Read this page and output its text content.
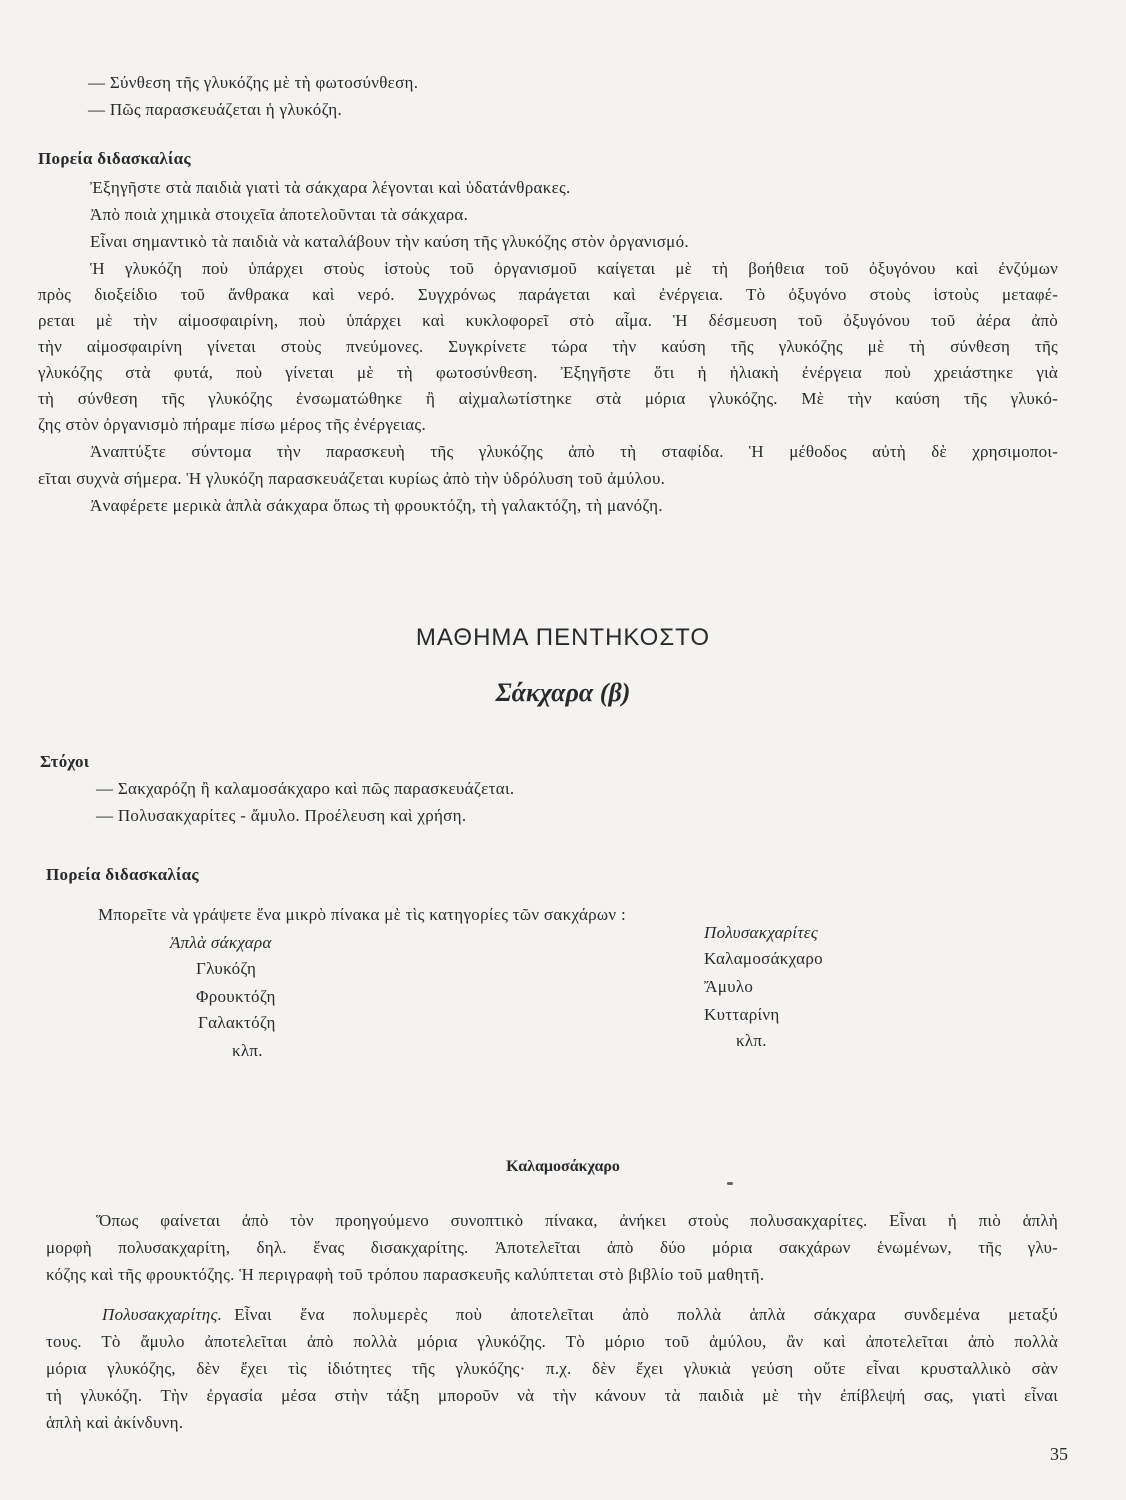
— Σύνθεση τῆς γλυκόζης μὲ τὴ φωτοσύνθεση.
— Πῶς παρασκευάζεται ἡ γλυκόζη.
Πορεία διδασκαλίας
Ἐξηγῆστε στὰ παιδιὰ γιατὶ τὰ σάκχαρα λέγονται καὶ ὑδατάνθρακες.
Ἀπὸ ποιὰ χημικὰ στοιχεῖα ἀποτελοῦνται τὰ σάκχαρα.
Εἶναι σημαντικὸ τὰ παιδιὰ νὰ καταλάβουν τὴν καύση τῆς γλυκόζης στὸν ὀργανισμό.
Ἡ γλυκόζη ποὺ ὑπάρχει στοὺς ἱστοὺς τοῦ ὀργανισμοῦ καίγεται μὲ τὴ βοήθεια τοῦ ὀξυγόνου καὶ ἐνζύμων
πρὸς διοξείδιο τοῦ ἄνθρακα καὶ νερό. Συγχρόνως παράγεται καὶ ἐνέργεια. Τὸ ὀξυγόνο στοὺς ἱστοὺς μεταφέ-
ρεται μὲ τὴν αἱμοσφαιρίνη, ποὺ ὑπάρχει καὶ κυκλοφορεῖ στὸ αἷμα. Ἡ δέσμευση τοῦ ὀξυγόνου τοῦ ἀέρα ἀπὸ
τὴν αἱμοσφαιρίνη γίνεται στοὺς πνεύμονες. Συγκρίνετε τώρα τὴν καύση τῆς γλυκόζης μὲ τὴ σύνθεση τῆς
γλυκόζης στὰ φυτά, ποὺ γίνεται μὲ τὴ φωτοσύνθεση. Ἐξηγῆστε ὅτι ἡ ἡλιακὴ ἐνέργεια ποὺ χρειάστηκε γιὰ
τὴ σύνθεση τῆς γλυκόζης ἐνσωματώθηκε ἢ αἰχμαλωτίστηκε στὰ μόρια γλυκόζης. Μὲ τὴν καύση τῆς γλυκό-
ζης στὸν ὀργανισμὸ πήραμε πίσω μέρος τῆς ἐνέργειας.
Ἀναπτύξτε σύντομα τὴν παρασκευὴ τῆς γλυκόζης ἀπὸ τὴ σταφίδα. Ἡ μέθοδος αὐτὴ δὲ χρησιμοποι-
εῖται συχνὰ σήμερα. Ἡ γλυκόζη παρασκευάζεται κυρίως ἀπὸ τὴν ὑδρόλυση τοῦ ἀμύλου.
Ἀναφέρετε μερικὰ ἁπλὰ σάκχαρα ὅπως τὴ φρουκτόζη, τὴ γαλακτόζη, τὴ μανόζη.
ΜΑΘΗΜΑ ΠΕΝΤΗΚΟΣΤΟ
Σάκχαρα (β)
Στόχοι
— Σακχαρόζη ἢ καλαμοσάκχαρο καὶ πῶς παρασκευάζεται.
— Πολυσακχαρίτες - ἄμυλο. Προέλευση καὶ χρήση.
Πορεία διδασκαλίας
Μπορεῖτε νὰ γράψετε ἕνα μικρὸ πίνακα μὲ τὶς κατηγορίες τῶν σακχάρων :
Ἁπλὰ σάκχαρα
Γλυκόζη
Φρουκτόζη
Γαλακτόζη
κλπ.
Πολυσακχαρίτες
Καλαμοσάκχαρο
Ἄμυλο
Κυτταρίνη
κλπ.
Καλαμοσάκχαρο
Ὅπως φαίνεται ἀπὸ τὸν προηγούμενο συνοπτικὸ πίνακα, ἀνήκει στοὺς πολυσακχαρίτες. Εἶναι ἡ πιὸ ἁπλὴ
μορφὴ πολυσακχαρίτη, δηλ. ἕνας δισακχαρίτης. Ἀποτελεῖται ἀπὸ δύο μόρια σακχάρων ἑνωμένων, τῆς γλυ-
κόζης καὶ τῆς φρουκτόζης. Ἡ περιγραφὴ τοῦ τρόπου παρασκευῆς καλύπτεται στὸ βιβλίο τοῦ μαθητῆ.
Πολυσακχαρίτης. Εἶναι ἕνα πολυμερὲς ποὺ ἀποτελεῖται ἀπὸ πολλὰ ἁπλὰ σάκχαρα συνδεμένα μεταξύ
τους. Τὸ ἄμυλο ἀποτελεῖται ἀπὸ πολλὰ μόρια γλυκόζης. Τὸ μόριο τοῦ ἀμύλου, ἂν καὶ ἀποτελεῖται ἀπὸ πολλὰ
μόρια γλυκόζης, δὲν ἔχει τὶς ἰδιότητες τῆς γλυκόζης· π.χ. δὲν ἔχει γλυκιὰ γεύση οὔτε εἶναι κρυσταλλικὸ σὰν
τὴ γλυκόζη. Τὴν ἐργασία μέσα στὴν τάξη μποροῦν νὰ τὴν κάνουν τὰ παιδιὰ μὲ τὴν ἐπίβλεψή σας, γιατὶ εἶναι
ἁπλὴ καὶ ἀκίνδυνη.
35
